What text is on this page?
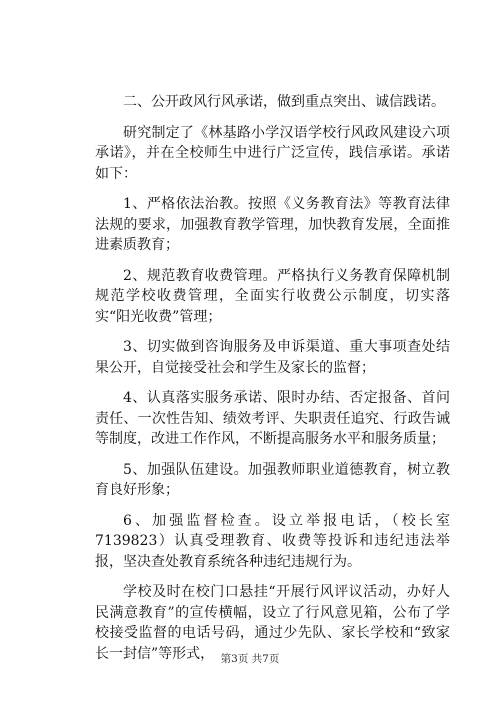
二、公开政风行风承诺，做到重点突出、诚信践诺。

研究制定了《林基路小学汉语学校行风政风建设六项承诺》，并在全校师生中进行广泛宣传，践信承诺。承诺如下：

1、严格依法治教。按照《义务教育法》等教育法律法规的要求，加强教育教学管理，加快教育发展，全面推进素质教育；

2、规范教育收费管理。严格执行义务教育保障机制规范学校收费管理，全面实行收费公示制度，切实落实“阳光收费”管理；

3、切实做到咨询服务及申诉渠道、重大事项查处结果公开，自觉接受社会和学生及家长的监督；

4、认真落实服务承诺、限时办结、否定报备、首问责任、一次性告知、绩效考评、失职责任追究、行政告诫等制度，改进工作作风，不断提高服务水平和服务质量；

5、加强队伍建设。加强教师职业道德教育，树立教育良好形象；

6、加强监督检查。设立举报电话，（校长室7139823）认真受理教育、收费等投诉和违纪违法举报，坚决查处教育系统各种违纪违规行为。

学校及时在校门口悬挂“开展行风评议活动，办好人民满意教育”的宣传横幅，设立了行风意见箱，公布了学校接受监督的电话号码，通过少先队、家长学校和“致家长一封信”等形式， 第3页 共7页
